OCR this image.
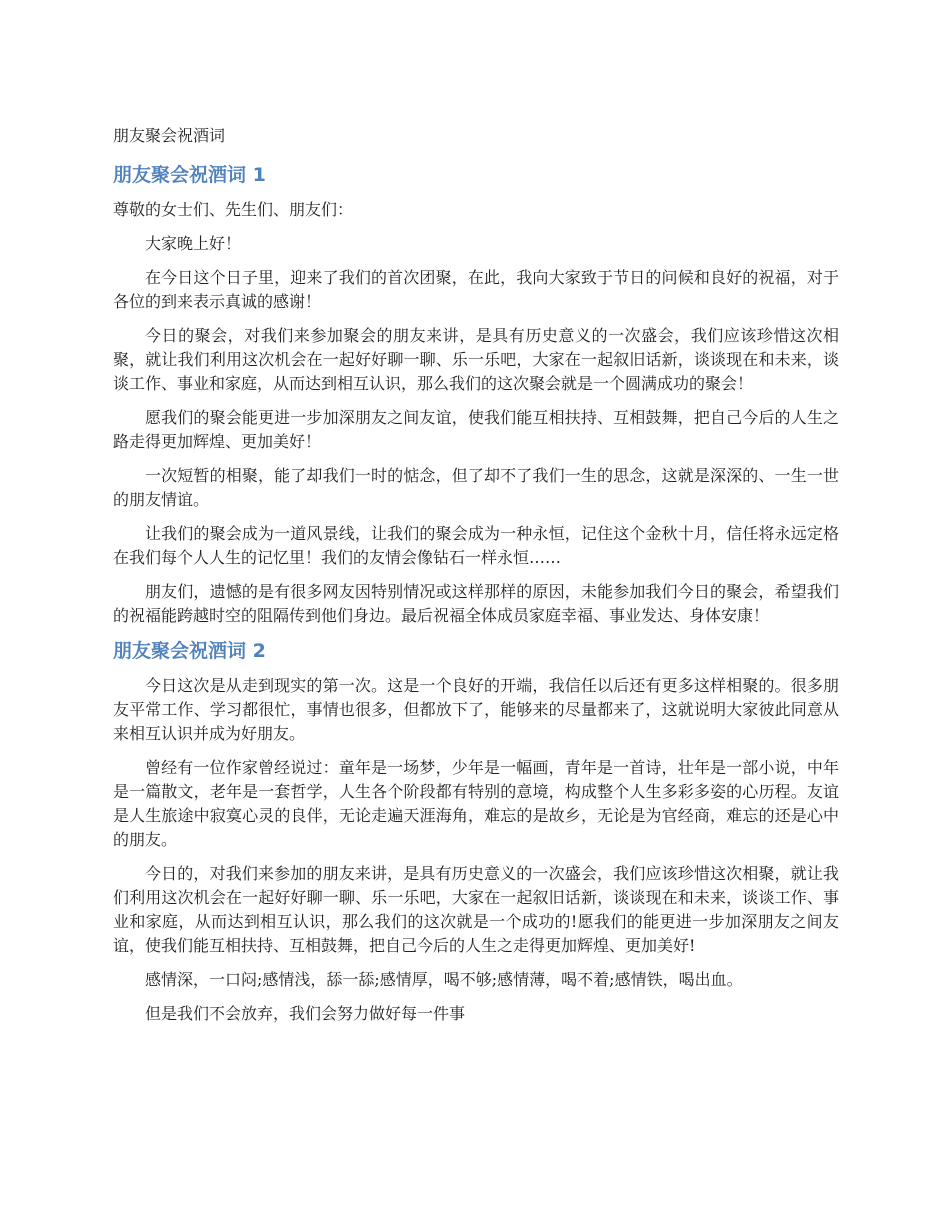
朋友聚会祝酒词
朋友聚会祝酒词 1

尊敬的女士们、先生们、朋友们：

大家晚上好！

在今日这个日子里，迎来了我们的首次团聚，在此，我向大家致于节日的问候和良好的祝福，对于各位的到来表示真诚的感谢！

今日的聚会，对我们来参加聚会的朋友来讲，是具有历史意义的一次盛会，我们应该珍惜这次相聚，就让我们利用这次机会在一起好好聊一聊、乐一乐吧，大家在一起叙旧话新，谈谈现在和未来，谈谈工作、事业和家庭，从而达到相互认识，那么我们的这次聚会就是一个圆满成功的聚会！

愿我们的聚会能更进一步加深朋友之间友谊，使我们能互相扶持、互相鼓舞，把自己今后的人生之路走得更加辉煌、更加美好！

一次短暂的相聚，能了却我们一时的惦念，但了却不了我们一生的思念，这就是深深的、一生一世的朋友情谊。

让我们的聚会成为一道风景线，让我们的聚会成为一种永恒，记住这个金秋十月，信任将永远定格在我们每个人人生的记忆里！我们的友情会像钻石一样永恒……

朋友们，遗憾的是有很多网友因特别情况或这样那样的原因，未能参加我们今日的聚会，希望我们的祝福能跨越时空的阻隔传到他们身边。最后祝福全体成员家庭幸福、事业发达、身体安康！

朋友聚会祝酒词 2

今日这次是从走到现实的第一次。这是一个良好的开端，我信任以后还有更多这样相聚的。很多朋友平常工作、学习都很忙，事情也很多，但都放下了，能够来的尽量都来了，这就说明大家彼此同意从来相互认识并成为好朋友。

曾经有一位作家曾经说过：童年是一场梦，少年是一幅画，青年是一首诗，壮年是一部小说，中年是一篇散文，老年是一套哲学，人生各个阶段都有特别的意境，构成整个人生多彩多姿的心历程。友谊是人生旅途中寂寞心灵的良伴，无论走遍天涯海角，难忘的是故乡，无论是为官经商，难忘的还是心中的朋友。

今日的，对我们来参加的朋友来讲，是具有历史意义的一次盛会，我们应该珍惜这次相聚，就让我们利用这次机会在一起好好聊一聊、乐一乐吧，大家在一起叙旧话新，谈谈现在和未来，谈谈工作、事业和家庭，从而达到相互认识，那么我们的这次就是一个成功的!愿我们的能更进一步加深朋友之间友谊，使我们能互相扶持、互相鼓舞，把自己今后的人生之走得更加辉煌、更加美好!

感情深，一口闷;感情浅，舔一舔;感情厚，喝不够;感情薄，喝不着;感情铁，喝出血。

但是我们不会放弃，我们会努力做好每一件事
